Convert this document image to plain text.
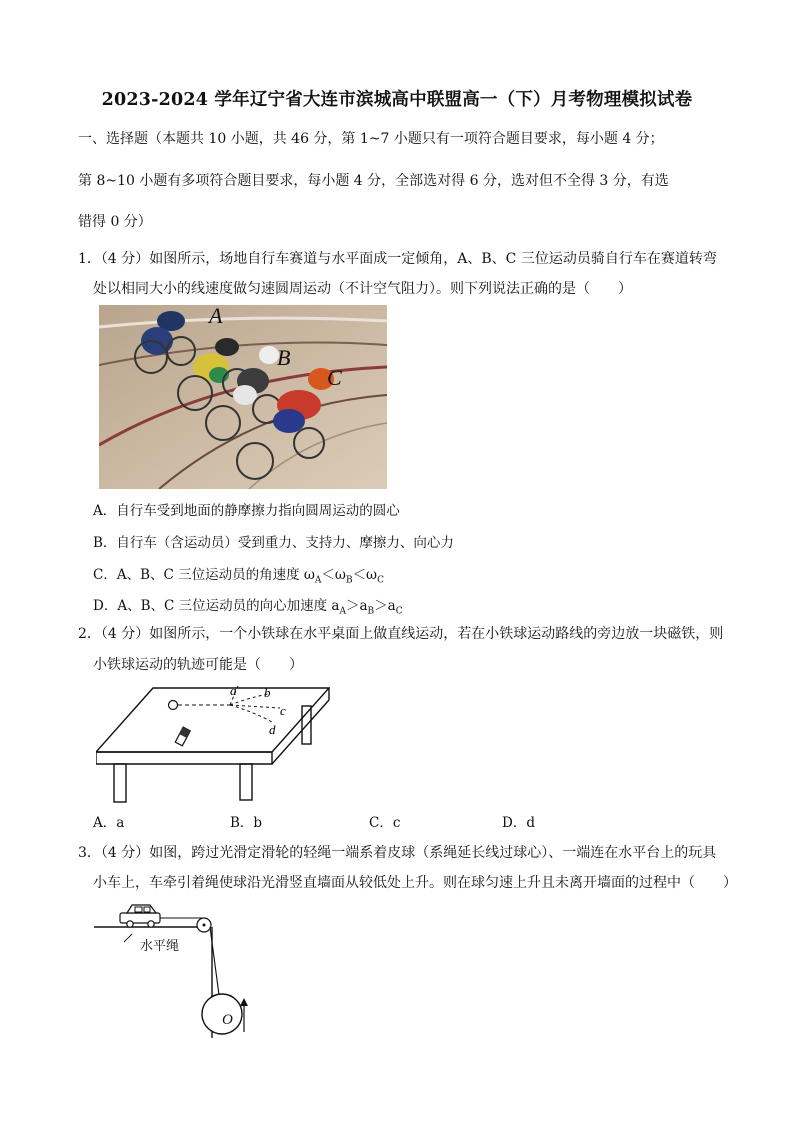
2023-2024 学年辽宁省大连市滨城高中联盟高一（下）月考物理模拟试卷
一、选择题（本题共 10 小题，共 46 分，第 1~7 小题只有一项符合题目要求，每小题 4 分；
第 8~10 小题有多项符合题目要求，每小题 4 分，全部选对得 6 分，选对但不全得 3 分，有选
错得 0 分）
1．（4 分）如图所示，场地自行车赛道与水平面成一定倾角，A、B、C 三位运动员骑自行车在赛道转弯
处以相同大小的线速度做匀速圆周运动（不计空气阻力）。则下列说法正确的是（　　）
A
B
C
A．自行车受到地面的静摩擦力指向圆周运动的圆心
B．自行车（含运动员）受到重力、支持力、摩擦力、向心力
C．A、B、C 三位运动员的角速度 $\omega_A<\omega_B<\omega_C$
D．A、B、C 三位运动员的向心加速度 $a_A>a_B>a_C$
2．（4 分）如图所示，一个小铁球在水平桌面上做直线运动，若在小铁球运动路线的旁边放一块磁铁，则
小铁球运动的轨迹可能是（　　）
a b
c
d
A．a	B．b	C．c	D．d
3．（4 分）如图，跨过光滑定滑轮的轻绳一端系着皮球（系绳延长线过球心）、一端连在水平台上的玩具
小车上，车牵引着绳使球沿光滑竖直墙面从较低处上升。则在球匀速上升且未离开墙面的过程中（　　）
水平绳
O
